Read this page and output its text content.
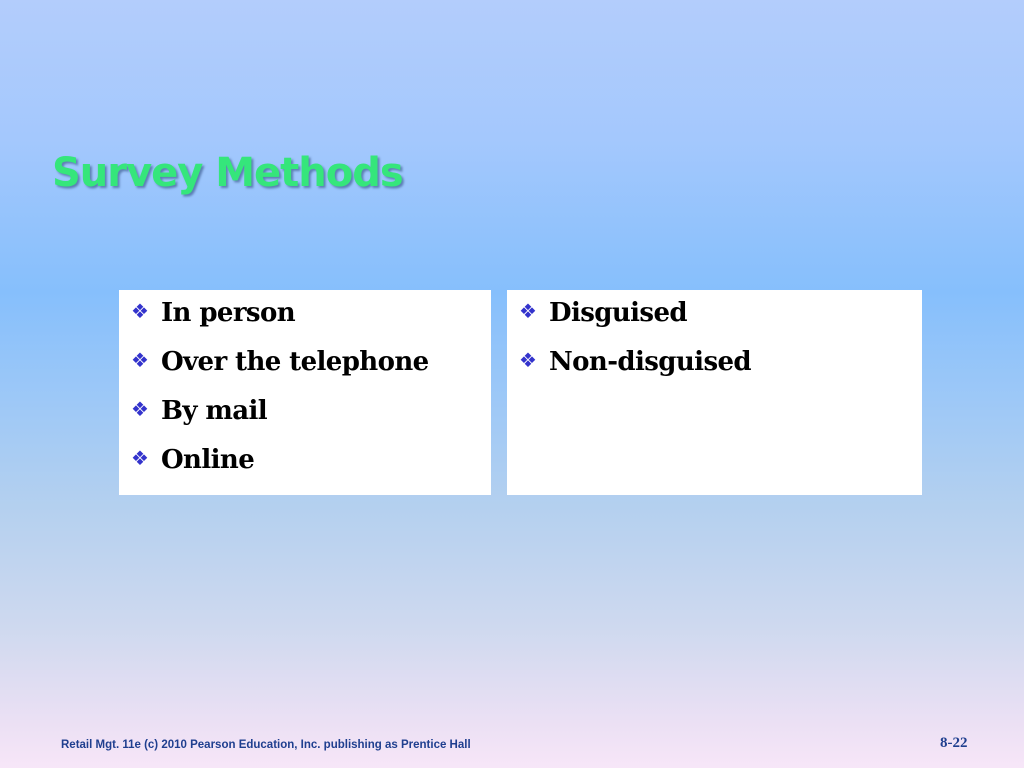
Survey Methods
❖ In person
❖ Over the telephone
❖ By mail
❖ Online
❖ Disguised
❖ Non-disguised
Retail Mgt. 11e (c) 2010 Pearson Education, Inc. publishing as Prentice Hall	8-22
